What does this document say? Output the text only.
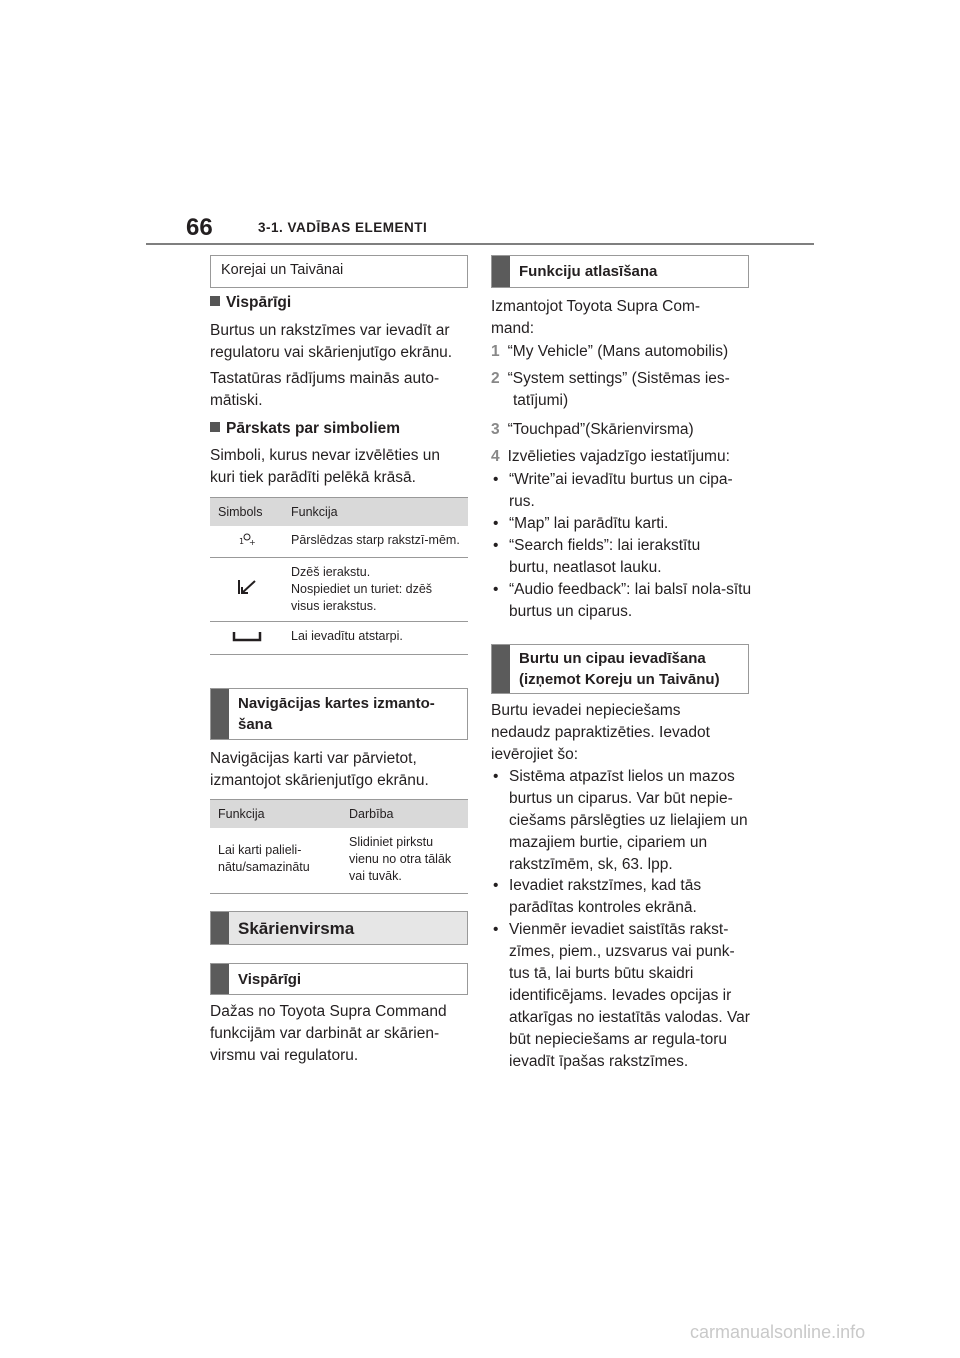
66	3-1. VADĪBAS ELEMENTI
Korejai un Taivānai
Vispārīgi

Burtus un rakstzīmes var ievadīt ar regulatoru vai skārienjutīgo ekrānu.

Tastatūras rādījums mainās auto-mātiski.

Pārskats par simboliem

Simboli, kurus nevar izvēlēties un kuri tiek parādīti pelēkā krāsā.

Simbols	Funkcija

1 +	Pārslēdzas starp rakstzī-mēm.
	Dzēš ierakstu.
Nospiediet un turiet: dzēš visus ierakstus.
	Lai ievadītu atstarpi.
Navigācijas kartes izmanto-šana

Navigācijas karti var pārvietot, izmantojot skārienjutīgo ekrānu.

Funkcija	Darbība
Lai karti palieli-nātu/samazinātu	Slidiniet pirkstu vienu no otra tālāk vai tuvāk.
Skārienvirsma
Vispārīgi

Dažas no Toyota Supra Command funkcijām var darbināt ar skārien-virsmu vai regulatoru.

Funkciju atlasīšana

Izmantojot Toyota Supra Com-mand:

1 “My Vehicle” (Mans automobilis)
2 “System settings” (Sistēmas ies-tatījumi)
3 “Touchpad”(Skārienvirsma)
4 Izvēlieties vajadzīgo iestatījumu:
• “Write”ai ievadītu burtus un cipa-rus.
• “Map” lai parādītu karti.
• “Search fields”: lai ierakstītu burtu, neatlasot lauku.
• “Audio feedback”: lai balsī nola-sītu burtus un ciparus.
Burtu un cipau ievadīšana (izņemot Koreju un Taivānu)

Burtu ievadei nepieciešams nedaudz papraktizēties. Ievadot ievērojiet šo:

• Sistēma atpazīst lielos un mazos burtus un ciparus. Var būt nepie-ciešams pārslēgties uz lielajiem un mazajiem burtie, cipariem un rakstzīmēm, sk, 63. lpp.
• Ievadiet rakstzīmes, kad tās parādītas kontroles ekrānā.
• Vienmēr ievadiet saistītās rakst-zīmes, piem., uzsvarus vai punk-tus tā, lai burts būtu skaidri identificējams. Ievades opcijas ir atkarīgas no iestatītās valodas. Var būt nepieciešams ar regula-toru ievadīt īpašas rakstzīmes.
carmanualsonline.info
